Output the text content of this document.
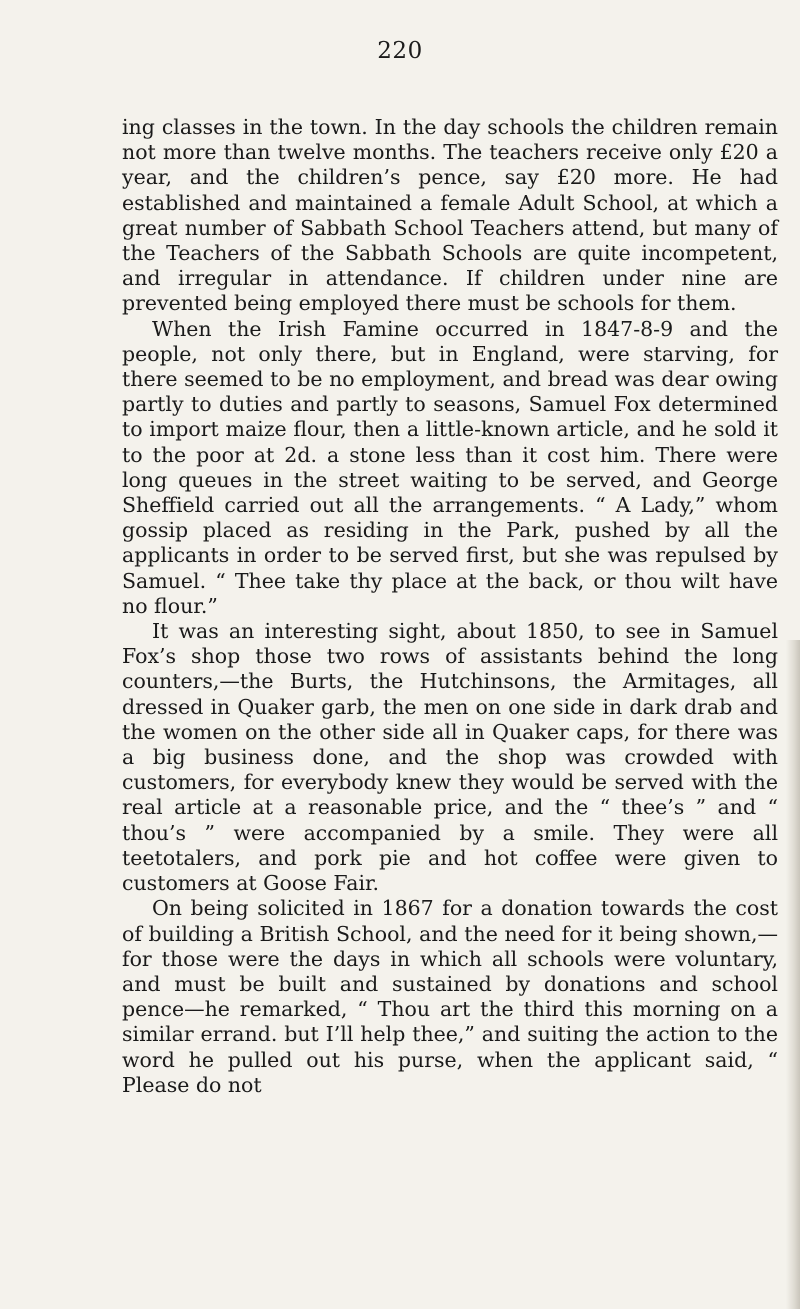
220

ing classes in the town. In the day schools the children remain not more than twelve months. The teachers receive only £20 a year, and the children’s pence, say £20 more. He had established and maintained a female Adult School, at which a great number of Sabbath School Teachers attend, but many of the Teachers of the Sabbath Schools are quite incompetent, and irregular in attendance. If children under nine are prevented being employed there must be schools for them.

When the Irish Famine occurred in 1847-8-9 and the people, not only there, but in England, were starving, for there seemed to be no employment, and bread was dear owing partly to duties and partly to seasons, Samuel Fox determined to import maize flour, then a little-known article, and he sold it to the poor at 2d. a stone less than it cost him. There were long queues in the street waiting to be served, and George Sheffield carried out all the arrangements. “ A Lady,” whom gossip placed as residing in the Park, pushed by all the applicants in order to be served first, but she was repulsed by Samuel. “ Thee take thy place at the back, or thou wilt have no flour.”

It was an interesting sight, about 1850, to see in Samuel Fox’s shop those two rows of assistants behind the long counters,—the Burts, the Hutchinsons, the Armitages, all dressed in Quaker garb, the men on one side in dark drab and the women on the other side all in Quaker caps, for there was a big business done, and the shop was crowded with customers, for everybody knew they would be served with the real article at a reasonable price, and the “ thee’s ” and “ thou’s ” were accompanied by a smile. They were all teetotalers, and pork pie and hot coffee were given to customers at Goose Fair.

On being solicited in 1867 for a donation towards the cost of building a British School, and the need for it being shown,—for those were the days in which all schools were voluntary, and must be built and sustained by donations and school pence—he remarked, “ Thou art the third this morning on a similar errand. but I’ll help thee,” and suiting the action to the word he pulled out his purse, when the applicant said, “ Please do not
